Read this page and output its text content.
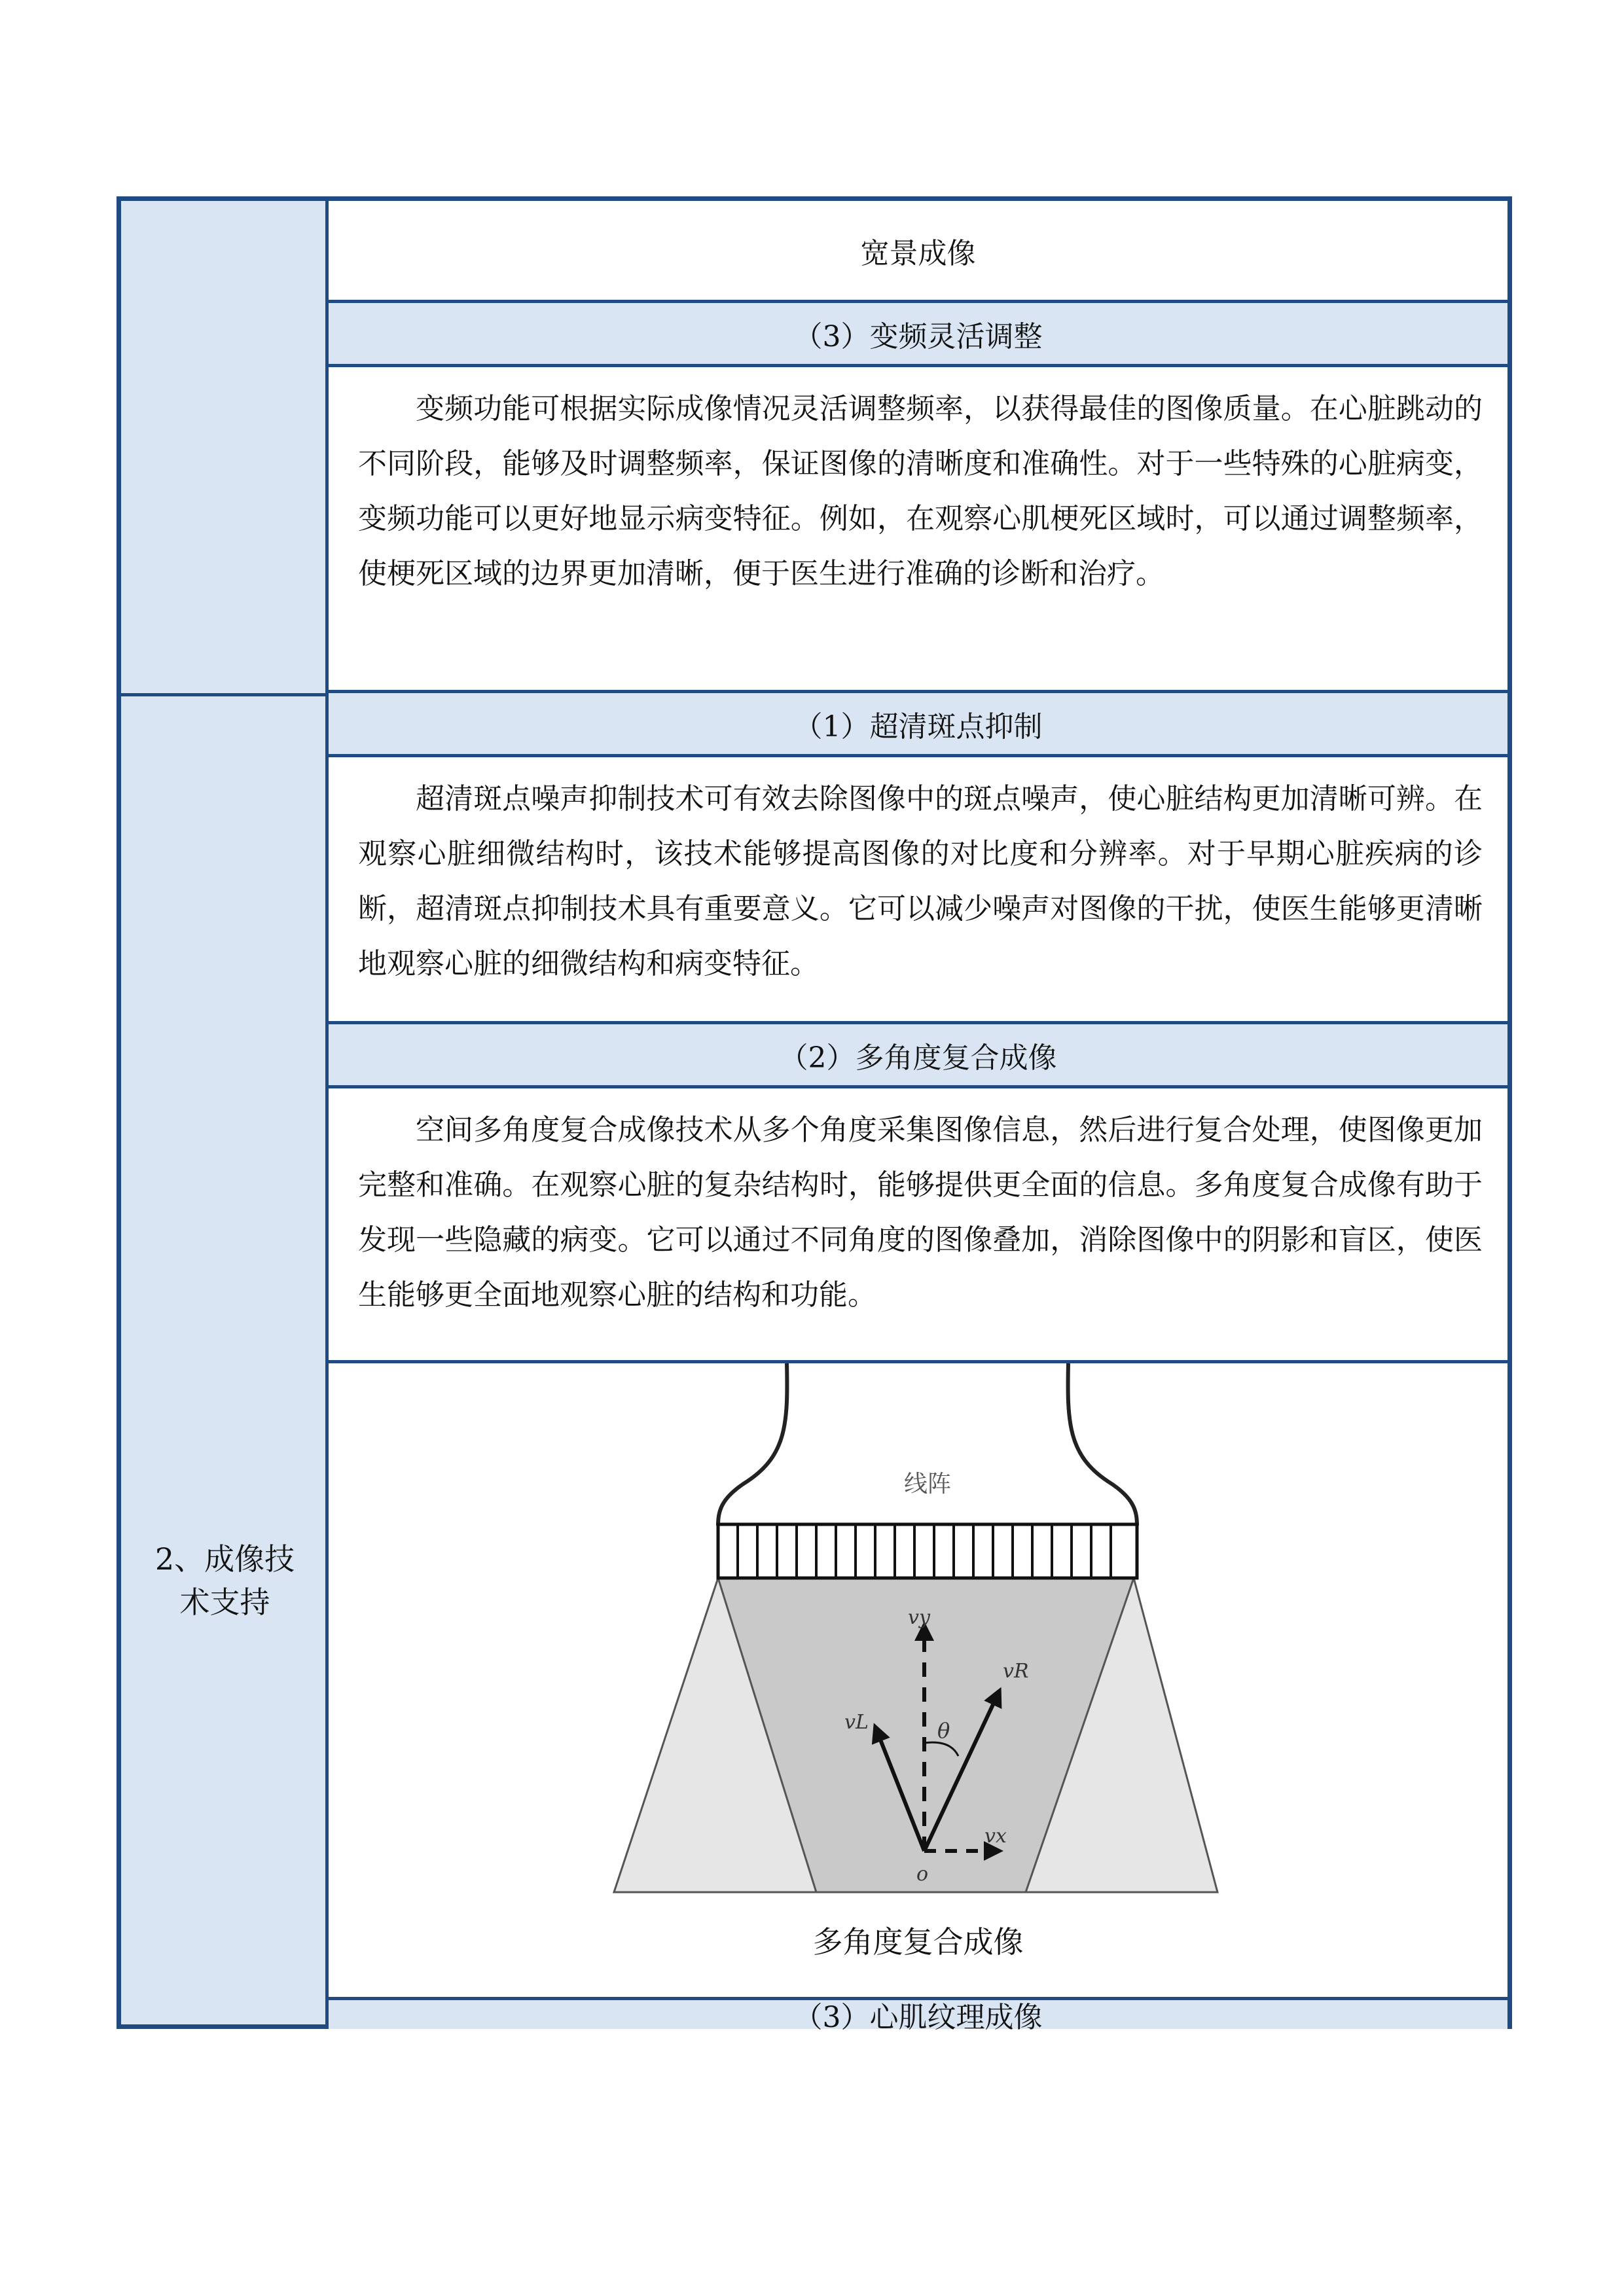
2、成像技
术支持
宽景成像
（3）变频灵活调整

变频功能可根据实际成像情况灵活调整频率，以获得最佳的图像质量。在心脏跳动的不同阶段，能够及时调整频率，保证图像的清晰度和准确性。对于一些特殊的心脏病变，变频功能可以更好地显示病变特征。例如，在观察心肌梗死区域时，可以通过调整频率，使梗死区域的边界更加清晰，便于医生进行准确的诊断和治疗。

（1）超清斑点抑制

超清斑点噪声抑制技术可有效去除图像中的斑点噪声，使心脏结构更加清晰可辨。在观察心脏细微结构时，该技术能够提高图像的对比度和分辨率。对于早期心脏疾病的诊断，超清斑点抑制技术具有重要意义。它可以减少噪声对图像的干扰，使医生能够更清晰地观察心脏的细微结构和病变特征。

（2）多角度复合成像

空间多角度复合成像技术从多个角度采集图像信息，然后进行复合处理，使图像更加完整和准确。在观察心脏的复杂结构时，能够提供更全面的信息。多角度复合成像有助于发现一些隐藏的病变。它可以通过不同角度的图像叠加，消除图像中的阴影和盲区，使医生能够更全面地观察心脏的结构和功能。

线阵
vy
vR
vL
vx
θ
o
多角度复合成像
（3）心肌纹理成像
